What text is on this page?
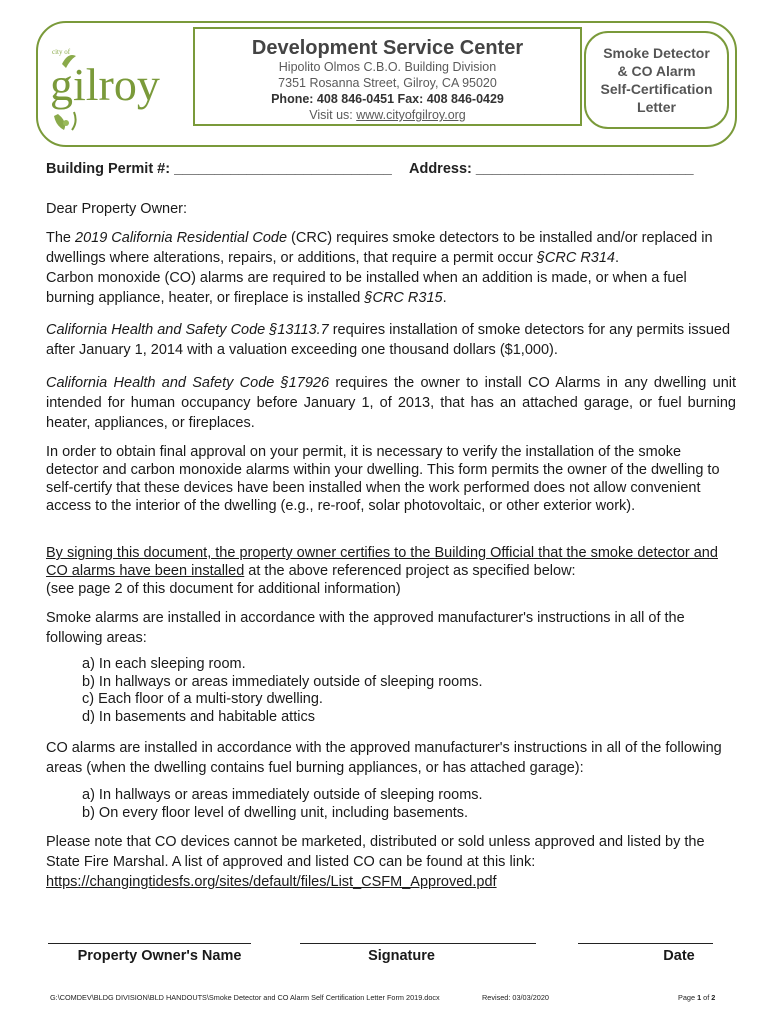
city of
gilroy
Development Service Center
Hipolito Olmos C.B.O. Building Division
7351 Rosanna Street, Gilroy, CA 95020
Phone: 408 846-0451 Fax: 408 846-0429
Visit us: www.cityofgilroy.org
Smoke Detector
& CO Alarm
Self-Certification
Letter
Building Permit #: ___________________________ Address: ___________________________
Dear Property Owner:
The 2019 California Residential Code (CRC) requires smoke detectors to be installed and/or replaced in dwellings where alterations, repairs, or additions, that require a permit occur §CRC R314.
Carbon monoxide (CO) alarms are required to be installed when an addition is made, or when a fuel burning appliance, heater, or fireplace is installed §CRC R315.
California Health and Safety Code §13113.7 requires installation of smoke detectors for any permits issued after January 1, 2014 with a valuation exceeding one thousand dollars ($1,000).
California Health and Safety Code §17926 requires the owner to install CO Alarms in any dwelling unit intended for human occupancy before January 1, of 2013, that has an attached garage, or fuel burning heater, appliances, or fireplaces.
In order to obtain final approval on your permit, it is necessary to verify the installation of the smoke detector and carbon monoxide alarms within your dwelling. This form permits the owner of the dwelling to self-certify that these devices have been installed when the work performed does not allow convenient access to the interior of the dwelling (e.g., re-roof, solar photovoltaic, or other exterior work).
By signing this document, the property owner certifies to the Building Official that the smoke detector and CO alarms have been installed at the above referenced project as specified below:
(see page 2 of this document for additional information)
Smoke alarms are installed in accordance with the approved manufacturer's instructions in all of the following areas:
a) In each sleeping room.
b) In hallways or areas immediately outside of sleeping rooms.
c) Each floor of a multi-story dwelling.
d) In basements and habitable attics
CO alarms are installed in accordance with the approved manufacturer's instructions in all of the following areas (when the dwelling contains fuel burning appliances, or has attached garage):
a) In hallways or areas immediately outside of sleeping rooms.
b) On every floor level of dwelling unit, including basements.
Please note that CO devices cannot be marketed, distributed or sold unless approved and listed by the State Fire Marshal. A list of approved and listed CO can be found at this link:
https://changingtidesfs.org/sites/default/files/List_CSFM_Approved.pdf
Property Owner's Name	Signature	Date
G:\COMDEV\BLDG DIVISION\BLD HANDOUTS\Smoke Detector and CO Alarm Self Certification Letter Form 2019.docx	Revised: 03/03/2020	Page 1 of 2
